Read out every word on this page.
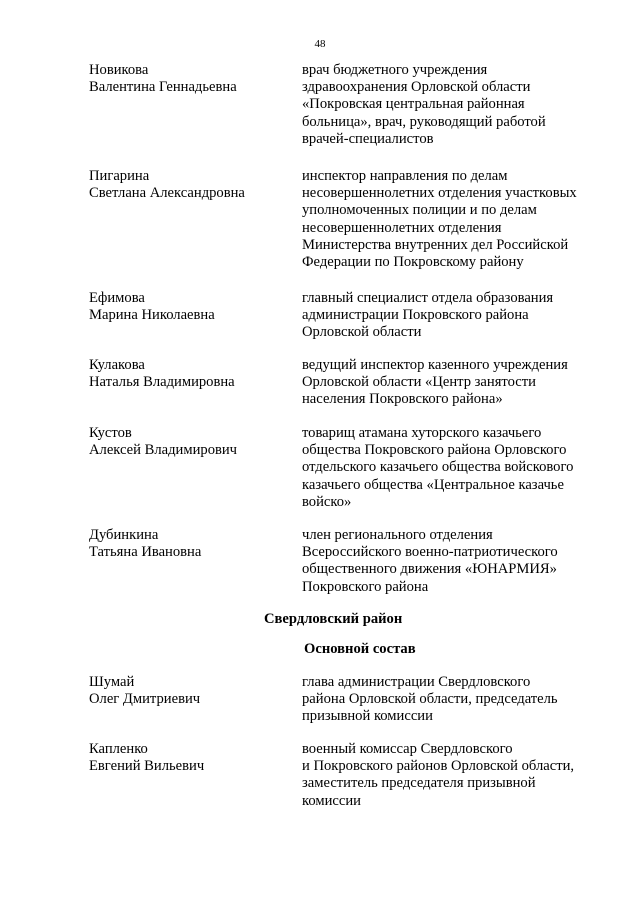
48
Новикова
Валентина Геннадьевна
врач бюджетного учреждения
здравоохранения Орловской области
«Покровская центральная районная
больница», врач, руководящий работой
врачей-специалистов
Пигарина
Светлана Александровна
инспектор направления по делам
несовершеннолетних отделения участковых
уполномоченных полиции и по делам
несовершеннолетних отделения
Министерства внутренних дел Российской
Федерации по Покровскому району
Ефимова
Марина Николаевна
главный специалист отдела образования
администрации Покровского района
Орловской области
Кулакова
Наталья Владимировна
ведущий инспектор казенного учреждения
Орловской области «Центр занятости
населения Покровского района»
Кустов
Алексей Владимирович
товарищ атамана хуторского казачьего
общества Покровского района Орловского
отдельского казачьего общества войскового
казачьего общества «Центральное казачье
войско»
Дубинкина
Татьяна Ивановна
член регионального отделения
Всероссийского военно-патриотического
общественного движения «ЮНАРМИЯ»
Покровского района
Свердловский район
Основной состав
Шумай
Олег Дмитриевич
глава администрации Свердловского
района Орловской области, председатель
призывной комиссии
Капленко
Евгений Вильевич
военный комиссар Свердловского
и Покровского районов Орловской области,
заместитель председателя призывной
комиссии
